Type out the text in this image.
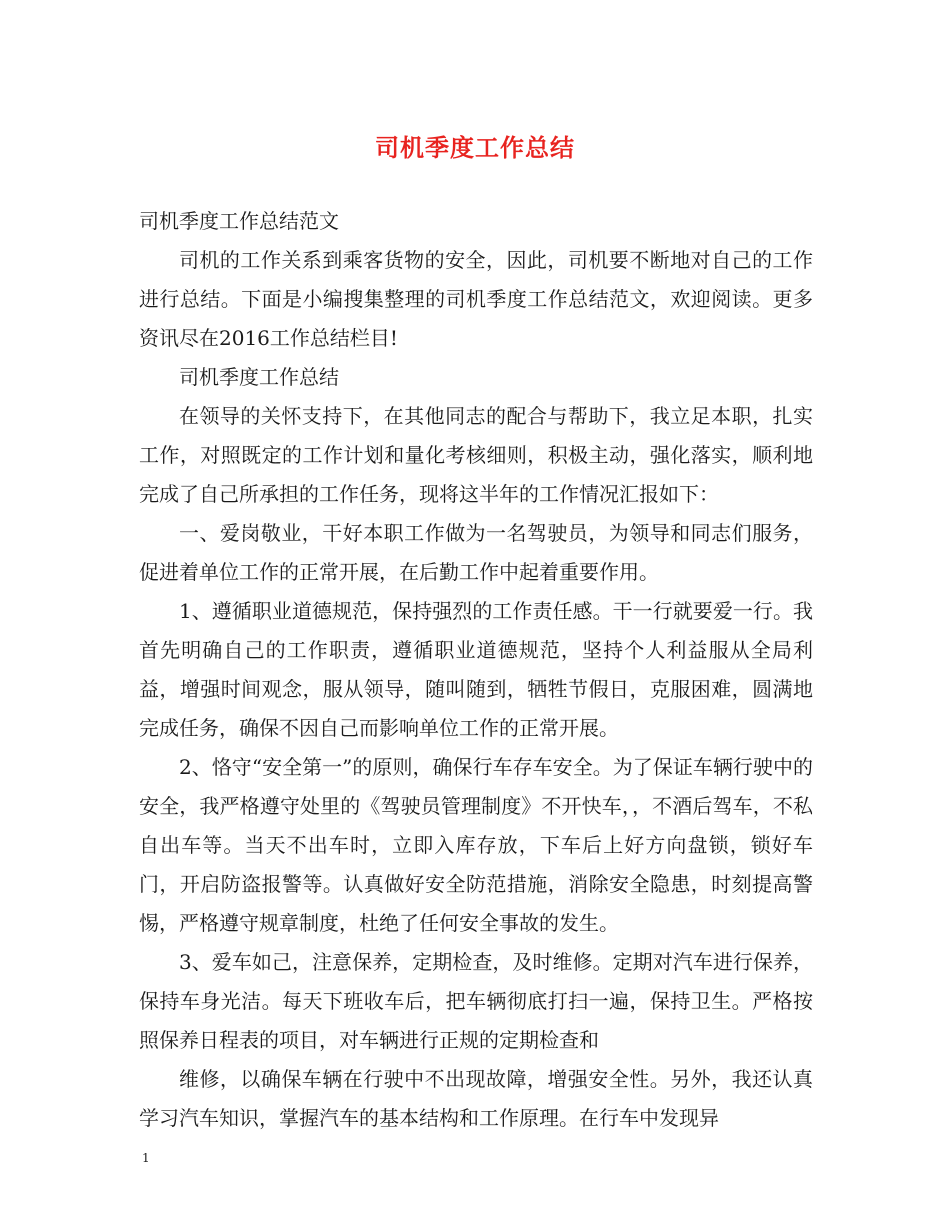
司机季度工作总结

司机季度工作总结范文

司机的工作关系到乘客货物的安全，因此，司机要不断地对自己的工作进行总结。下面是小编搜集整理的司机季度工作总结范文，欢迎阅读。更多资讯尽在2016工作总结栏目!

司机季度工作总结

在领导的关怀支持下，在其他同志的配合与帮助下，我立足本职，扎实工作，对照既定的工作计划和量化考核细则，积极主动，强化落实，顺利地完成了自己所承担的工作任务，现将这半年的工作情况汇报如下：

一、爱岗敬业，干好本职工作做为一名驾驶员，为领导和同志们服务，促进着单位工作的正常开展，在后勤工作中起着重要作用。

1、遵循职业道德规范，保持强烈的工作责任感。干一行就要爱一行。我首先明确自己的工作职责，遵循职业道德规范，坚持个人利益服从全局利益，增强时间观念，服从领导，随叫随到，牺牲节假日，克服困难，圆满地完成任务，确保不因自己而影响单位工作的正常开展。

2、恪守“安全第一”的原则，确保行车存车安全。为了保证车辆行驶中的安全，我严格遵守处里的《驾驶员管理制度》不开快车，，不酒后驾车，不私自出车等。当天不出车时，立即入库存放，下车后上好方向盘锁，锁好车门，开启防盗报警等。认真做好安全防范措施，消除安全隐患，时刻提高警惕，严格遵守规章制度，杜绝了任何安全事故的发生。

3、爱车如己，注意保养，定期检查，及时维修。定期对汽车进行保养，保持车身光洁。每天下班收车后，把车辆彻底打扫一遍，保持卫生。严格按照保养日程表的项目，对车辆进行正规的定期检查和

维修，以确保车辆在行驶中不出现故障，增强安全性。另外，我还认真学习汽车知识，掌握汽车的基本结构和工作原理。在行车中发现异

1
